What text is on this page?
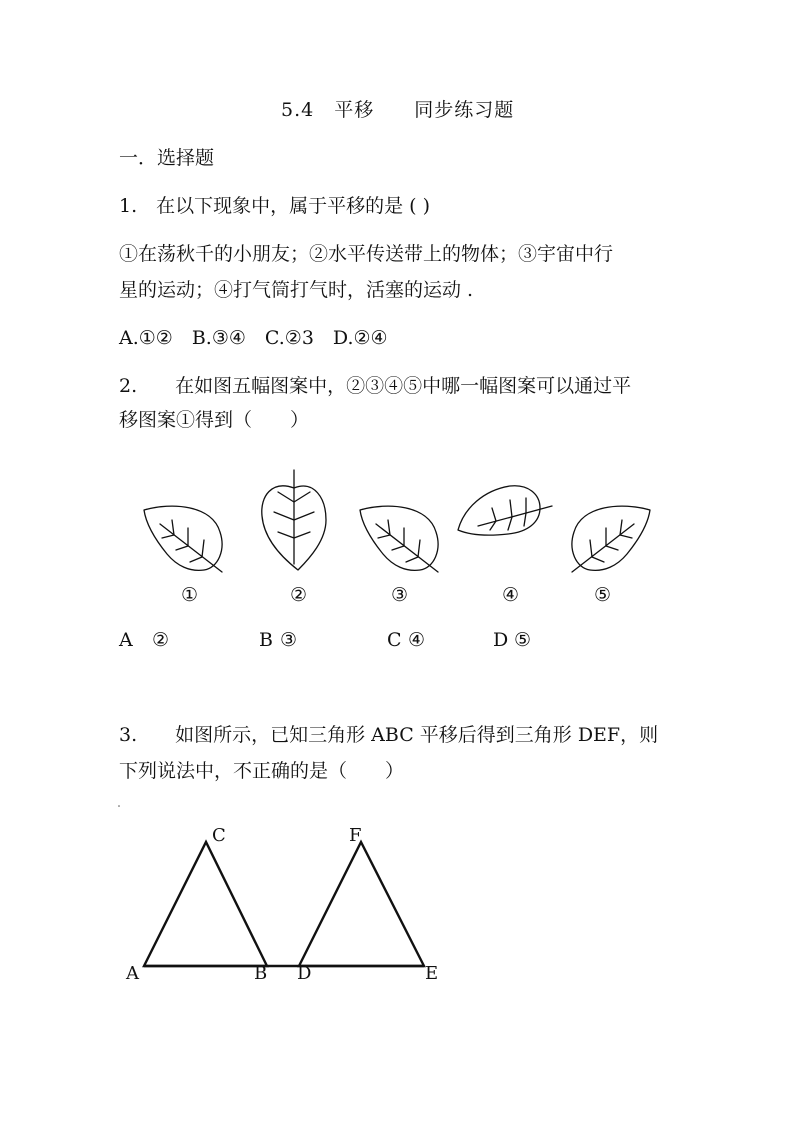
5.4　平移　　同步练习题
一．选择题
1.　在以下现象中，属于平移的是 ( )
①在荡秋千的小朋友；②水平传送带上的物体；③宇宙中行
星的运动；④打气筒打气时，活塞的运动 .
A.①②　B.③④　C.②3　D.②④
2.　　在如图五幅图案中，②③④⑤中哪一幅图案可以通过平
移图案①得到（　　）
①	②	③	④	⑤
A ②	B ③	C ④	D ⑤
3.　　如图所示，已知三角形 ABC 平移后得到三角形 DEF，则
下列说法中，不正确的是（　　）
A	B
C
D	E
F
